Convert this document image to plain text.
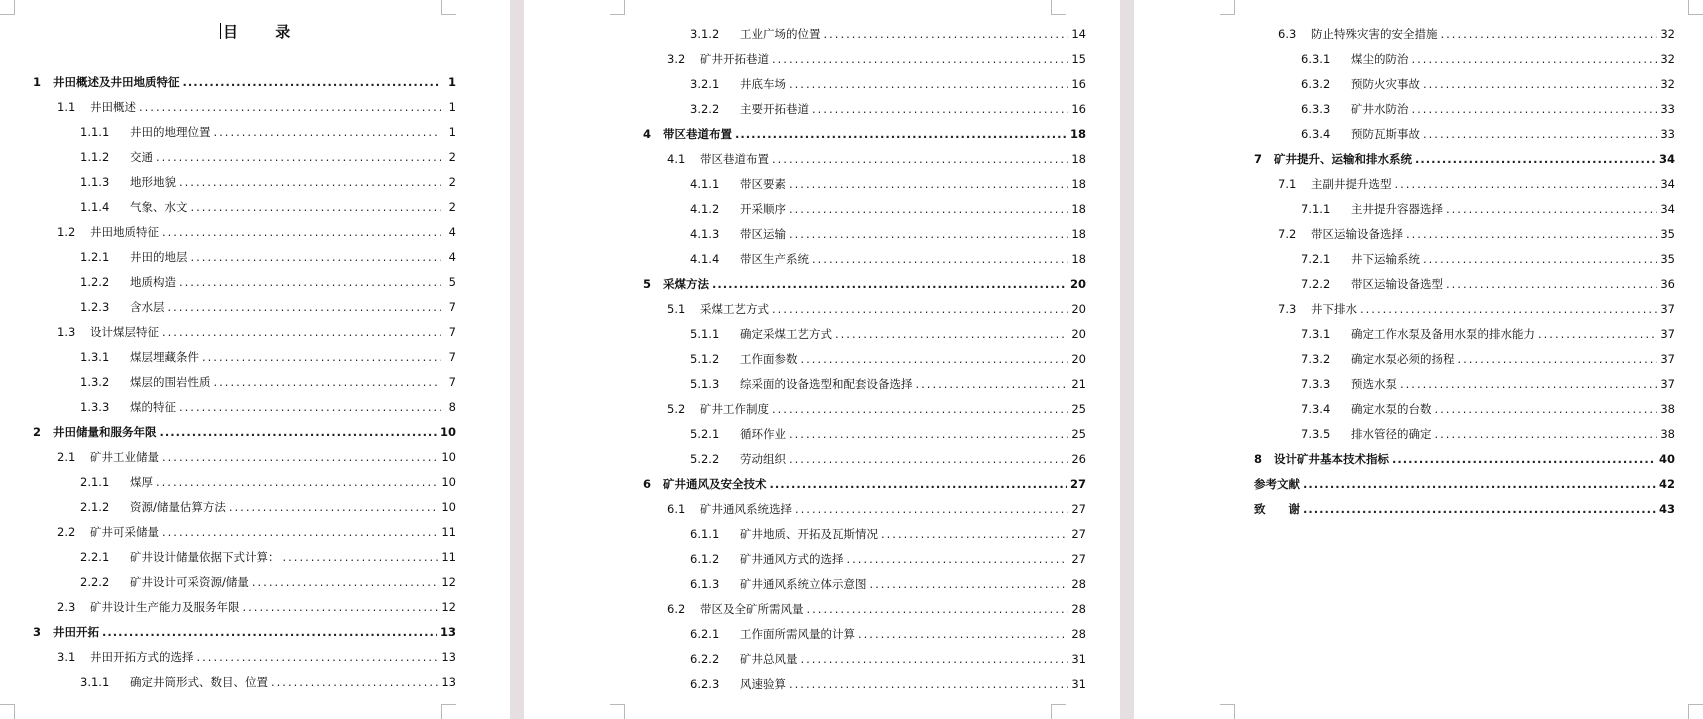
目 录
1	井田概述及井田地质特征 .....	1
1.1	井田概述 .....	1
1.1.1	井田的地理位置 .....	1
1.1.2	交通 .....	2
1.1.3	地形地貌 .....	2
1.1.4	气象、水文 .....	2
1.2	井田地质特征 .....	4
1.2.1	井田的地层 .....	4
1.2.2	地质构造 .....	5
1.2.3	含水层 .....	7
1.3	设计煤层特征 .....	7
1.3.1	煤层埋藏条件 .....	7
1.3.2	煤层的围岩性质 .....	7
1.3.3	煤的特征 .....	8
2	井田储量和服务年限 .....	10
2.1	矿井工业储量 .....	10
2.1.1	煤厚 .....	10
2.1.2	资源/储量估算方法 .....	10
2.2	矿井可采储量 .....	11
2.2.1	矿井设计储量依据下式计算： .....	11
2.2.2	矿井设计可采资源/储量 .....	12
2.3	矿井设计生产能力及服务年限 .....	12
3	井田开拓 .....	13
3.1	井田开拓方式的选择 .....	13
3.1.1	确定井筒形式、数目、位置 .....	13
3.1.2	工业广场的位置 .....	14
3.2	矿井开拓巷道 .....	15
3.2.1	井底车场 .....	16
3.2.2	主要开拓巷道 .....	16
4	带区巷道布置 .....	18
4.1	带区巷道布置 .....	18
4.1.1	带区要素 .....	18
4.1.2	开采顺序 .....	18
4.1.3	带区运输 .....	18
4.1.4	带区生产系统 .....	18
5	采煤方法 .....	20
5.1	采煤工艺方式 .....	20
5.1.1	确定采煤工艺方式 .....	20
5.1.2	工作面参数 .....	20
5.1.3	综采面的设备选型和配套设备选择 .....	21
5.2	矿井工作制度 .....	25
5.2.1	循环作业 .....	25
5.2.2	劳动组织 .....	26
6	矿井通风及安全技术 .....	27
6.1	矿井通风系统选择 .....	27
6.1.1	矿井地质、开拓及瓦斯情况 .....	27
6.1.2	矿井通风方式的选择 .....	27
6.1.3	矿井通风系统立体示意图 .....	28
6.2	带区及全矿所需风量 .....	28
6.2.1	工作面所需风量的计算 .....	28
6.2.2	矿井总风量 .....	31
6.2.3	风速验算 .....	31
6.3	防止特殊灾害的安全措施 .....	32
6.3.1	煤尘的防治 .....	32
6.3.2	预防火灾事故 .....	32
6.3.3	矿井水防治 .....	33
6.3.4	预防瓦斯事故 .....	33
7	矿井提升、运输和排水系统 .....	34
7.1	主副井提升选型 .....	34
7.1.1	主井提升容器选择 .....	34
7.2	带区运输设备选择 .....	35
7.2.1	井下运输系统 .....	35
7.2.2	带区运输设备选型 .....	36
7.3	井下排水 .....	37
7.3.1	确定工作水泵及备用水泵的排水能力 .....	37
7.3.2	确定水泵必须的扬程 .....	37
7.3.3	预选水泵 .....	37
7.3.4	确定水泵的台数 .....	38
7.3.5	排水管径的确定 .....	38
8	设计矿井基本技术指标 .....	40
参考文献 .....	42
致　　谢 .....	43
